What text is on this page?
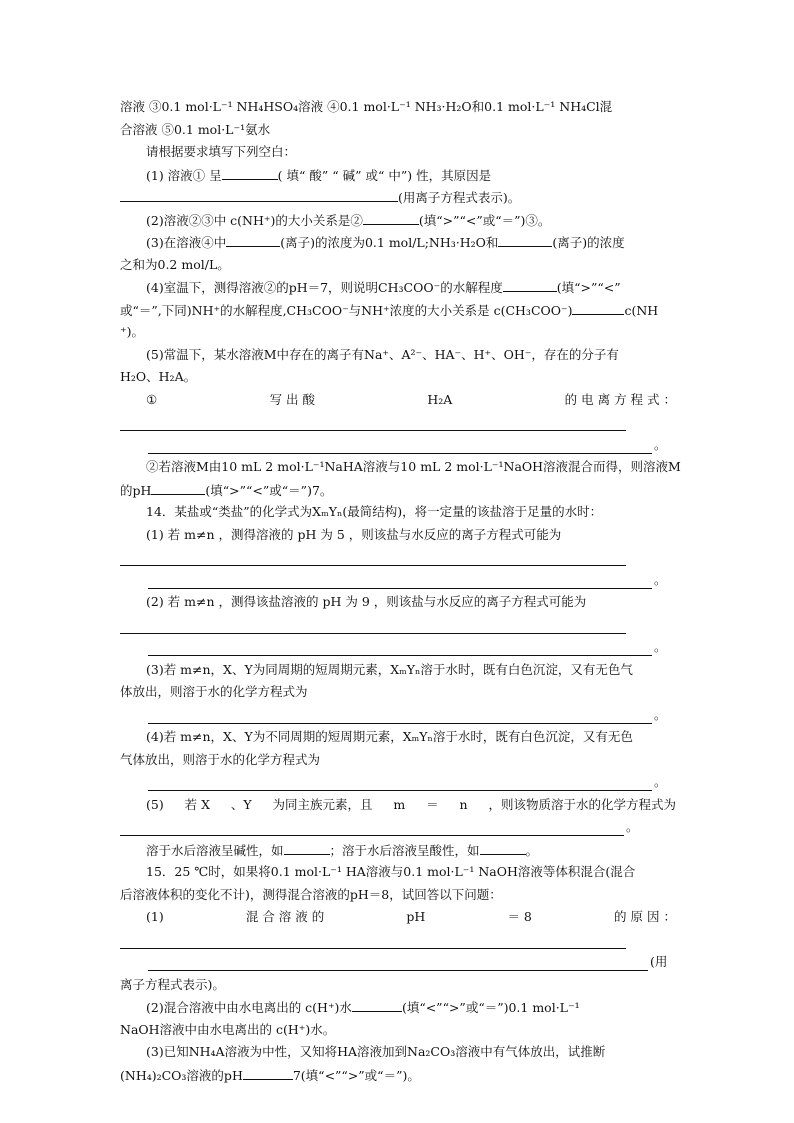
溶液 ③0.1 mol·L⁻¹ NH₄HSO₄溶液 ④0.1 mol·L⁻¹ NH₃·H₂O和0.1 mol·L⁻¹ NH₄Cl混
合溶液 ⑤0.1 mol·L⁻¹氨水
请根据要求填写下列空白：
(1) 溶液① 呈	( 填“ 酸” “ 碱” 或“ 中”) 性，其原因是
(用离子方程式表示)。
(2)溶液②③中 c(NH⁺)的大小关系是②	(填“>”“<”或“＝”)③。
(3)在溶液④中	(离子)的浓度为0.1 mol/L;NH₃·H₂O和	(离子)的浓度
之和为0.2 mol/L。
(4)室温下，测得溶液②的pH＝7，则说明CH₃COO⁻的水解程度	(填“>”“<”
或“＝”,下同)NH⁺的水解程度,CH₃COO⁻与NH⁺浓度的大小关系是 c(CH₃COO⁻)	c(NH
⁺)。
(5)常温下，某水溶液M中存在的离子有Na⁺、A²⁻、HA⁻、H⁺、OH⁻，存在的分子有
H₂O、H₂A。
①	写 出 酸	H₂A	的 电 离 方 程 式 ：
。
②若溶液M由10 mL 2 mol·L⁻¹NaHA溶液与10 mL 2 mol·L⁻¹NaOH溶液混合而得，则溶液M
的pH	(填“>”“<”或“＝”)7。
14．某盐或“类盐”的化学式为XₘYₙ(最简结构)，将一定量的该盐溶于足量的水时：
(1) 若 m≠n ，测得溶液的 pH 为 5 ，则该盐与水反应的离子方程式可能为
。
(2) 若 m≠n ，测得该盐溶液的 pH 为 9 ，则该盐与水反应的离子方程式可能为
。
(3)若 m≠n，X、Y为同周期的短周期元素，XₘYₙ溶于水时，既有白色沉淀，又有无色气
体放出，则溶于水的化学方程式为
。
(4)若 m≠n，X、Y为不同周期的短周期元素，XₘYₙ溶于水时，既有白色沉淀，又有无色
气体放出，则溶于水的化学方程式为
。
(5) 若 X 、Y 为同主族元素，且 m ＝ n ，则该物质溶于水的化学方程式为
。
溶于水后溶液呈碱性，如	；溶于水后溶液呈酸性，如	。
15．25 ℃时，如果将0.1 mol·L⁻¹ HA溶液与0.1 mol·L⁻¹ NaOH溶液等体积混合(混合
后溶液体积的变化不计)，测得混合溶液的pH＝8，试回答以下问题：
(1)	混 合 溶 液 的	pH	＝ 8	的 原 因 ：
(用
离子方程式表示)。
(2)混合溶液中由水电离出的 c(H⁺)水	(填“<”“>”或“＝”)0.1 mol·L⁻¹
NaOH溶液中由水电离出的 c(H⁺)水。
(3)已知NH₄A溶液为中性，又知将HA溶液加到Na₂CO₃溶液中有气体放出，试推断
(NH₄)₂CO₃溶液的pH	7(填“<”“>”或“＝”)。
